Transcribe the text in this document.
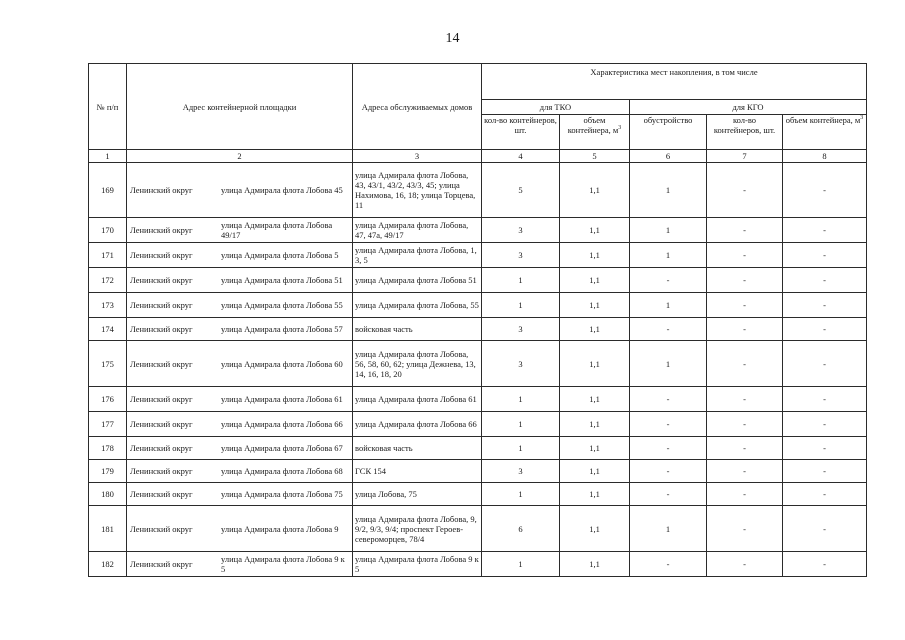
14
№ п/п	Адрес контейнерной площадки	Адреса обслуживаемых домов	Характеристика мест накопления, в том числе				
			для ТКО		для КГО		
			кол-во контейнеров, шт.	объем контейнера, $м^3$	обустройство	кол-во контейнеров, шт.	объем контейнера, $м^3$
1	2	3	4	5	6	7	8
169	Ленинский округ улица Адмирала флота Лобова 45	улица Адмирала флота Лобова, 43, 43/1, 43/2, 43/3, 45; улица Нахимова, 16, 18; улица Торцева, 11	5	1,1	1	-	-
170	Ленинский округ улица Адмирала флота Лобова 49/17	улица Адмирала флота Лобова, 47, 47а, 49/17	3	1,1	1	-	-
171	Ленинский округ улица Адмирала флота Лобова 5	улица Адмирала флота Лобова, 1, 3, 5	3	1,1	1	-	-
172	Ленинский округ улица Адмирала флота Лобова 51	улица Адмирала флота Лобова 51	1	1,1	-	-	-
173	Ленинский округ улица Адмирала флота Лобова 55	улица Адмирала флота Лобова, 55	1	1,1	1	-	-
174	Ленинский округ улица Адмирала флота Лобова 57	войсковая часть	3	1,1	-	-	-
175	Ленинский округ улица Адмирала флота Лобова 60	улица Адмирала флота Лобова, 56, 58, 60, 62; улица Дежнева, 13, 14, 16, 18, 20	3	1,1	1	-	-
176	Ленинский округ улица Адмирала флота Лобова 61	улица Адмирала флота Лобова 61	1	1,1	-	-	-
177	Ленинский округ улица Адмирала флота Лобова 66	улица Адмирала флота Лобова 66	1	1,1	-	-	-
178	Ленинский округ улица Адмирала флота Лобова 67	войсковая часть	1	1,1	-	-	-
179	Ленинский округ улица Адмирала флота Лобова 68	ГСК 154	3	1,1	-	-	-
180	Ленинский округ улица Адмирала флота Лобова 75	улица Лобова, 75	1	1,1	-	-	-
181	Ленинский округ улица Адмирала флота Лобова 9	улица Адмирала флота Лобова, 9, 9/2, 9/3, 9/4; проспект Героев-североморцев, 78/4	6	1,1	1	-	-
182	Ленинский округ улица Адмирала флота Лобова 9 к 5	улица Адмирала флота Лобова 9 к 5	1	1,1	-	-	-
